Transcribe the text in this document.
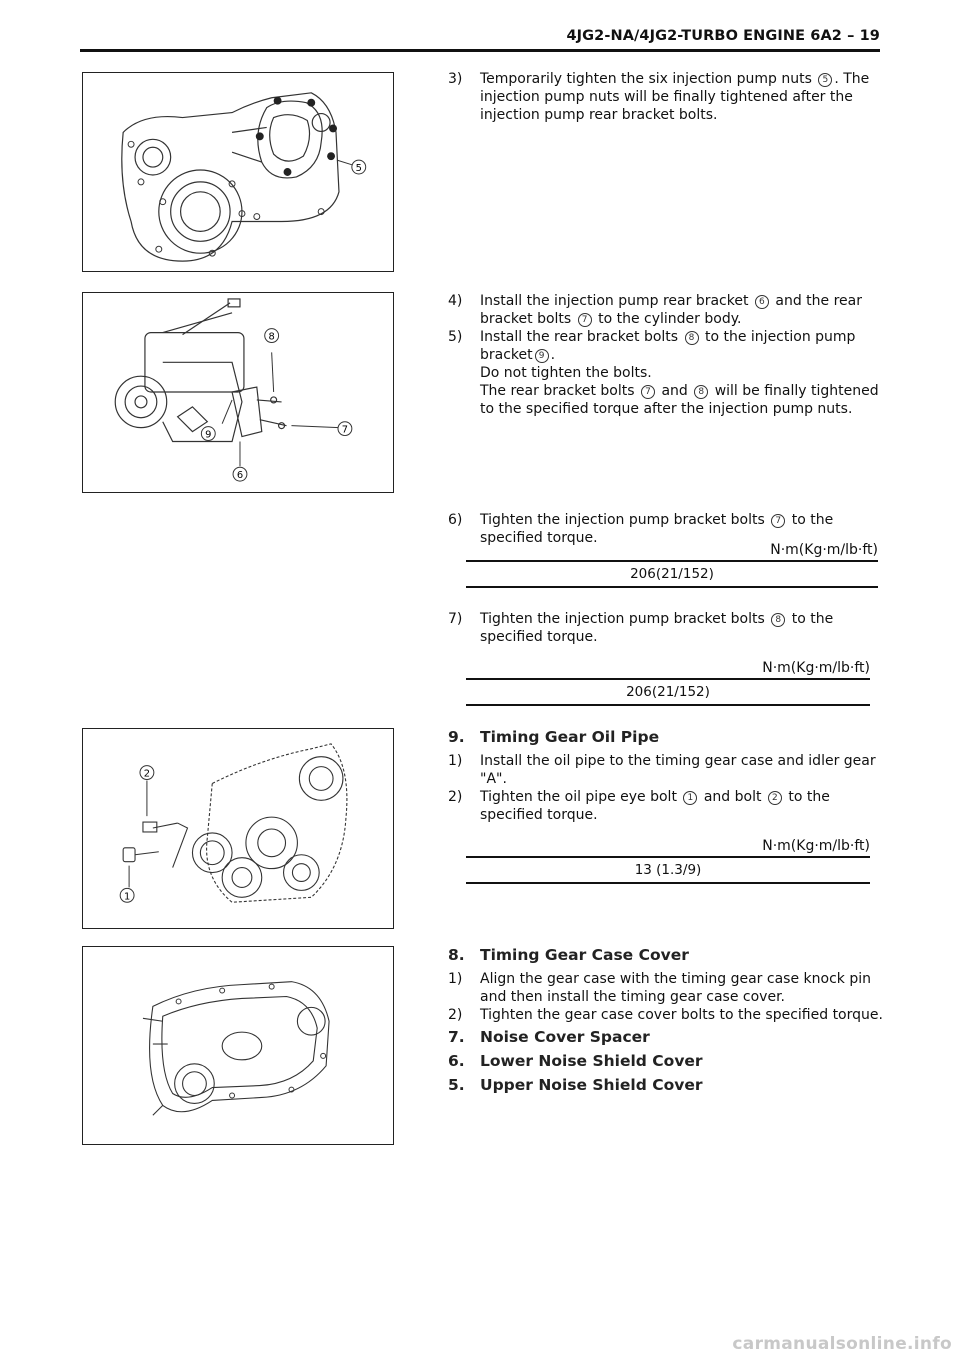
4JG2-NA/4JG2-TURBO ENGINE 6A2 – 19
5
8
7
9
6
2
1

3) Temporarily tighten the six injection pump nuts 5 . The injection pump nuts will be finally tightened after the injection pump rear bracket bolts.

4) Install the injection pump rear bracket 6 and the rear bracket bolts 7 to the cylinder body.

5) Install the rear bracket bolts 8 to the injection pump bracket 9 .

Do not tighten the bolts.

The rear bracket bolts 7 and 8 will be finally tightened to the specified torque after the injection pump nuts.

6) Tighten the injection pump bracket bolts 7 to the specified torque.

N·m(Kg·m/lb·ft)
206(21/152)

7) Tighten the injection pump bracket bolts 8 to the specified torque.

N·m(Kg·m/lb·ft)
206(21/152)

9. Timing Gear Oil Pipe

1) Install the oil pipe to the timing gear case and idler gear "A".

2) Tighten the oil pipe eye bolt 1 and bolt 2 to the specified torque.

N·m(Kg·m/lb·ft)
13 (1.3/9)

8. Timing Gear Case Cover

1) Align the gear case with the timing gear case knock pin and then install the timing gear case cover.

2) Tighten the gear case cover bolts to the specified torque.

7. Noise Cover Spacer

6. Lower Noise Shield Cover

5. Upper Noise Shield Cover

carmanualsonline.info
